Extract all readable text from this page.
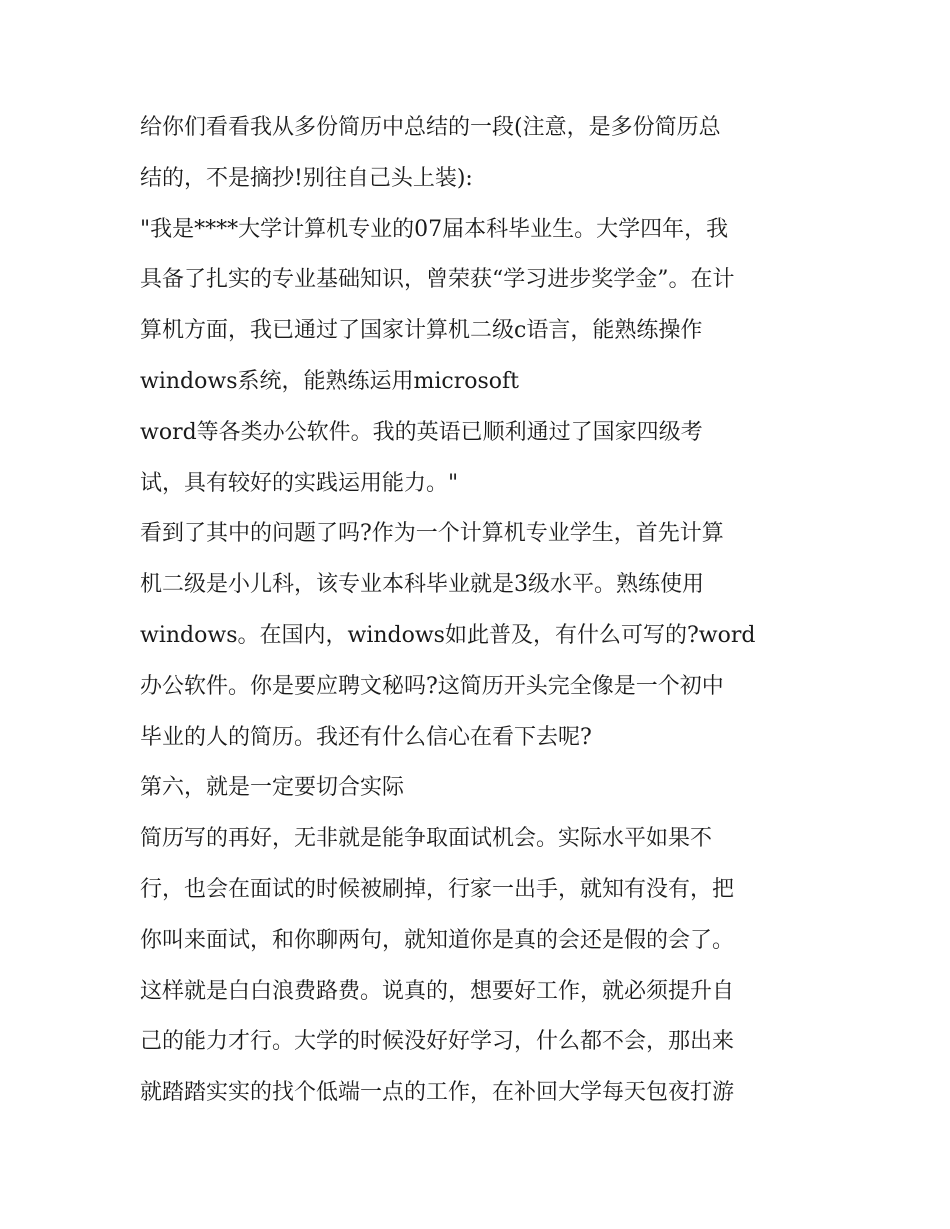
给你们看看我从多份简历中总结的一段(注意，是多份简历总
结的，不是摘抄!别往自己头上装):
"我是****大学计算机专业的07届本科毕业生。大学四年，我
具备了扎实的专业基础知识，曾荣获“学习进步奖学金”。在计
算机方面，我已通过了国家计算机二级c语言，能熟练操作
windows系统，能熟练运用microsoft
word等各类办公软件。我的英语已顺利通过了国家四级考
试，具有较好的实践运用能力。"
看到了其中的问题了吗?作为一个计算机专业学生，首先计算
机二级是小儿科，该专业本科毕业就是3级水平。熟练使用
windows。在国内，windows如此普及，有什么可写的?word
办公软件。你是要应聘文秘吗?这简历开头完全像是一个初中
毕业的人的简历。我还有什么信心在看下去呢?
第六，就是一定要切合实际
简历写的再好，无非就是能争取面试机会。实际水平如果不
行，也会在面试的时候被刷掉，行家一出手，就知有没有，把
你叫来面试，和你聊两句，就知道你是真的会还是假的会了。
这样就是白白浪费路费。说真的，想要好工作，就必须提升自
己的能力才行。大学的时候没好好学习，什么都不会，那出来
就踏踏实实的找个低端一点的工作，在补回大学每天包夜打游
